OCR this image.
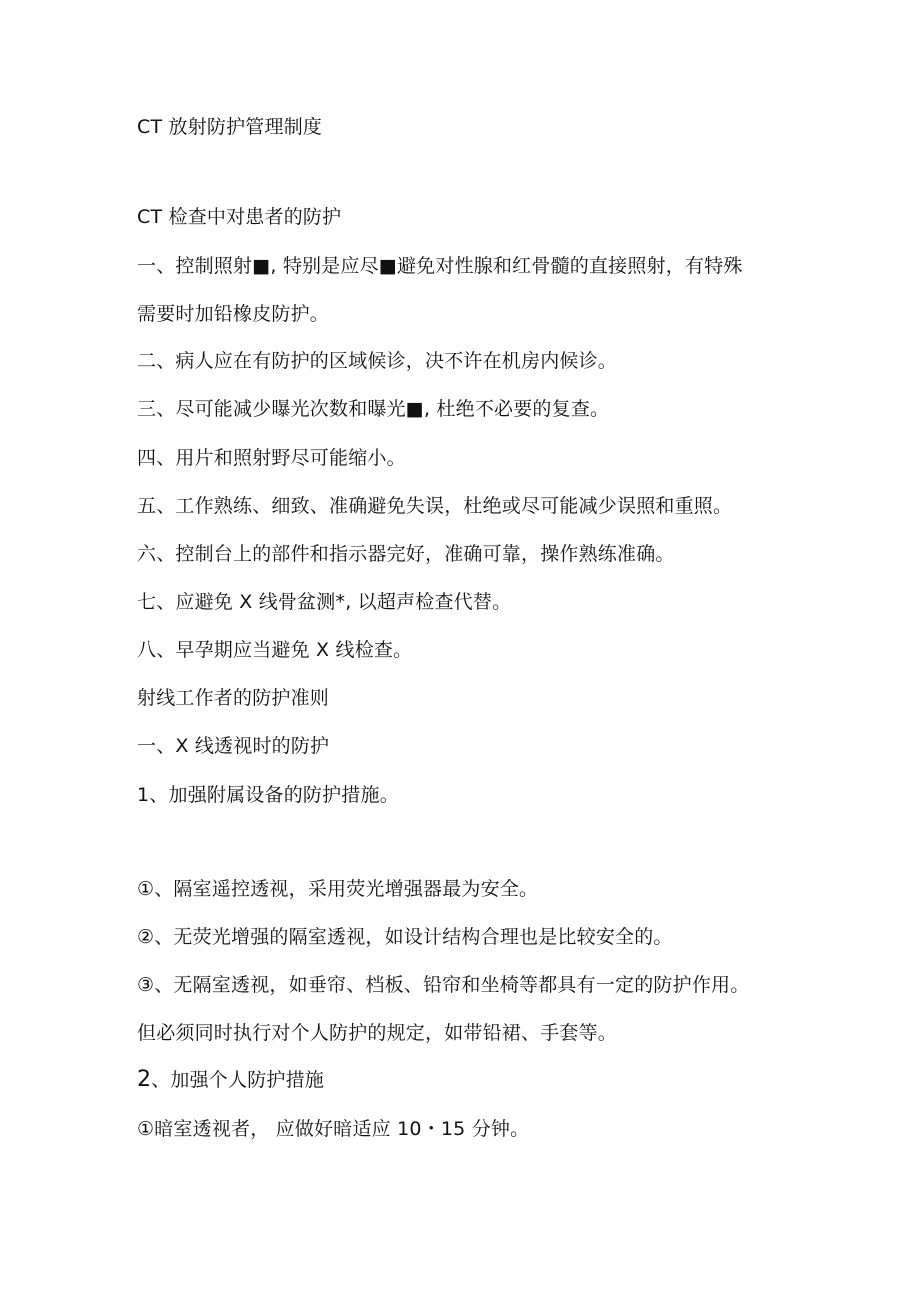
CT 放射防护管理制度
CT 检查中对患者的防护
一、控制照射■, 特别是应尽■避免对性腺和红骨髓的直接照射，有特殊
需要时加铅橡皮防护。
二、病人应在有防护的区域候诊，决不许在机房内候诊。
三、尽可能减少曝光次数和曝光■, 杜绝不必要的复查。
四、用片和照射野尽可能缩小。
五、工作熟练、细致、准确避免失误，杜绝或尽可能减少误照和重照。
六、控制台上的部件和指示器完好，准确可靠，操作熟练准确。
七、应避免 X 线骨盆测*, 以超声检查代替。
八、早孕期应当避免 X 线检查。
射线工作者的防护准则
一、X 线透视时的防护
1、加强附属设备的防护措施。
①、隔室遥控透视，采用荧光增强器最为安全。
②、无荧光增强的隔室透视，如设计结构合理也是比较安全的。
③、无隔室透视，如垂帘、档板、铅帘和坐椅等都具有一定的防护作用。
但必须同时执行对个人防护的规定，如带铅裙、手套等。
2、加强个人防护措施
①暗室透视者， 应做好暗适应 10・15 分钟。
